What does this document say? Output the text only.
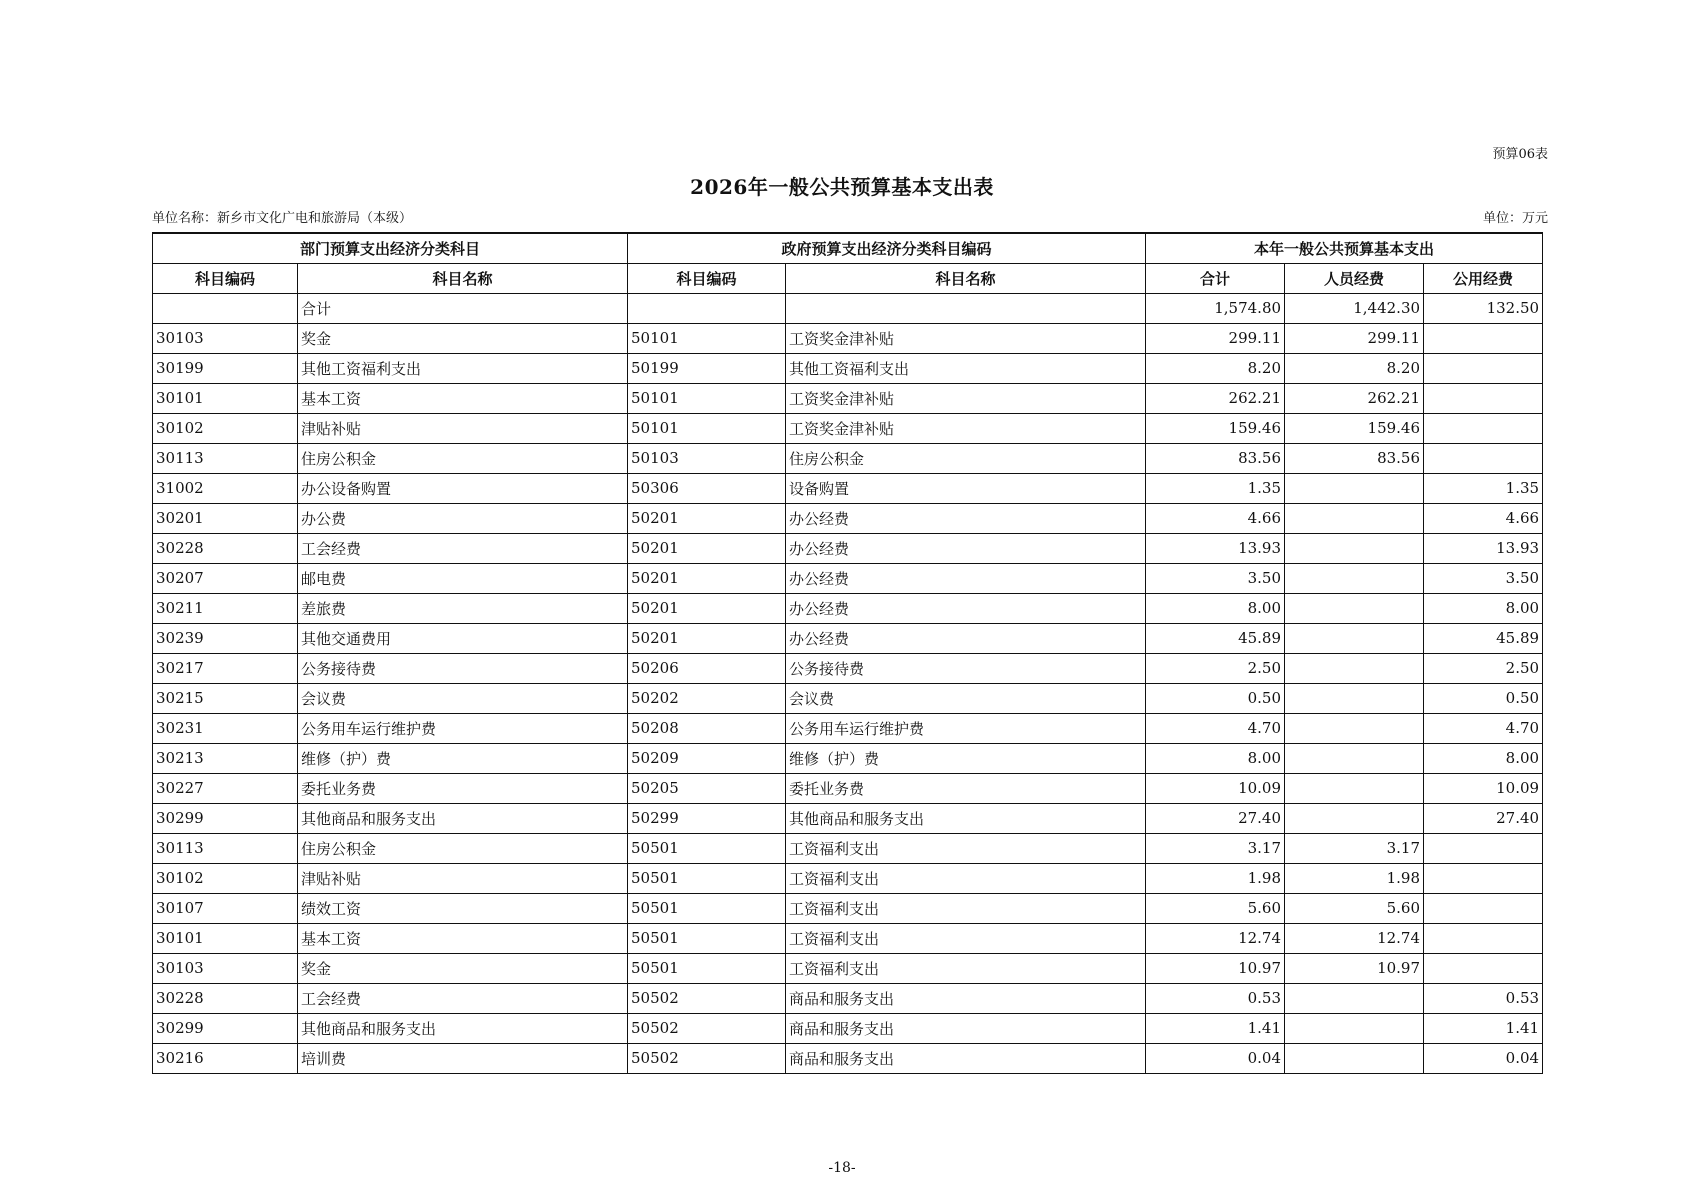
预算06表
2026年一般公共预算基本支出表
单位名称：新乡市文化广电和旅游局（本级）	单位：万元
部门预算支出经济分类科目		政府预算支出经济分类科目编码		本年一般公共预算基本支出		
科目编码	科目名称	科目编码	科目名称	合计	人员经费	公用经费
	合计			1,574.80	1,442.30	132.50
30103	奖金	50101	工资奖金津补贴	299.11	299.11	
30199	其他工资福利支出	50199	其他工资福利支出	8.20	8.20	
30101	基本工资	50101	工资奖金津补贴	262.21	262.21	
30102	津贴补贴	50101	工资奖金津补贴	159.46	159.46	
30113	住房公积金	50103	住房公积金	83.56	83.56	
31002	办公设备购置	50306	设备购置	1.35		1.35
30201	办公费	50201	办公经费	4.66		4.66
30228	工会经费	50201	办公经费	13.93		13.93
30207	邮电费	50201	办公经费	3.50		3.50
30211	差旅费	50201	办公经费	8.00		8.00
30239	其他交通费用	50201	办公经费	45.89		45.89
30217	公务接待费	50206	公务接待费	2.50		2.50
30215	会议费	50202	会议费	0.50		0.50
30231	公务用车运行维护费	50208	公务用车运行维护费	4.70		4.70
30213	维修（护）费	50209	维修（护）费	8.00		8.00
30227	委托业务费	50205	委托业务费	10.09		10.09
30299	其他商品和服务支出	50299	其他商品和服务支出	27.40		27.40
30113	住房公积金	50501	工资福利支出	3.17	3.17	
30102	津贴补贴	50501	工资福利支出	1.98	1.98	
30107	绩效工资	50501	工资福利支出	5.60	5.60	
30101	基本工资	50501	工资福利支出	12.74	12.74	
30103	奖金	50501	工资福利支出	10.97	10.97	
30228	工会经费	50502	商品和服务支出	0.53		0.53
30299	其他商品和服务支出	50502	商品和服务支出	1.41		1.41
30216	培训费	50502	商品和服务支出	0.04		0.04
-18-
